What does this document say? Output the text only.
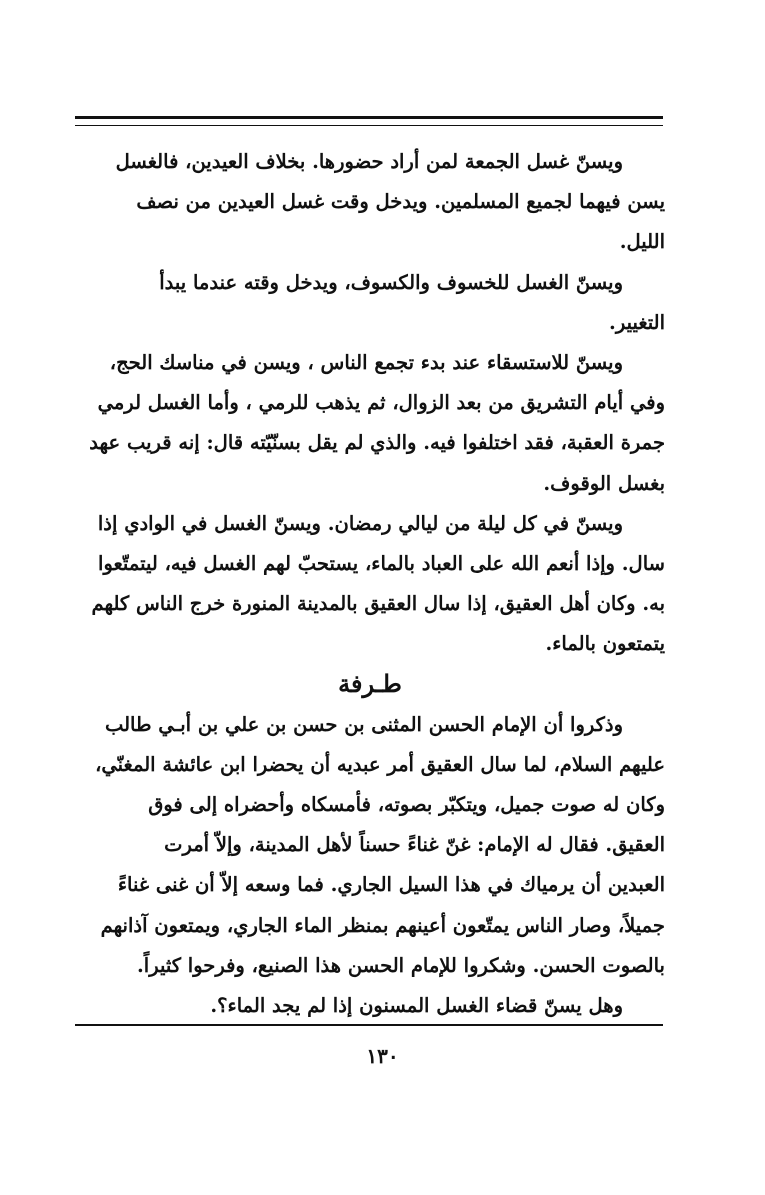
ويسنّ غسل الجمعة لمن أراد حضورها. بخلاف العيدين، فالغسل
يسن فيهما لجميع المسلمين. ويدخل وقت غسل العيدين من نصف
الليل.
ويسنّ الغسل للخسوف والكسوف، ويدخل وقته عندما يبدأ
التغيير.
ويسنّ للاستسقاء عند بدء تجمع الناس ، ويسن في مناسك الحج،
وفي أيام التشريق من بعد الزوال، ثم يذهب للرمي ، وأما الغسل لرمي
جمرة العقبة، فقد اختلفوا فيه. والذي لم يقل بسنّيّته قال: إنه قريب عهد
بغسل الوقوف.
ويسنّ في كل ليلة من ليالي رمضان. ويسنّ الغسل في الوادي إذا
سال. وإذا أنعم الله على العباد بالماء، يستحبّ لهم الغسل فيه، ليتمتّعوا
به. وكان أهل العقيق، إذا سال العقيق بالمدينة المنورة خرج الناس كلهم
يتمتعون بالماء.
طـرفة
وذكروا أن الإمام الحسن المثنى بن حسن بن علي بن أبـي طالب
عليهم السلام، لما سال العقيق أمر عبديه أن يحضرا ابن عائشة المغنّي،
وكان له صوت جميل، ويتكبّر بصوته، فأمسكاه وأحضراه إلى فوق
العقيق. فقال له الإمام: غنّ غناءً حسناً لأهل المدينة، وإلاّ أمرت
العبدين أن يرمياك في هذا السيل الجاري. فما وسعه إلاّ أن غنى غناءً
جميلاً، وصار الناس يمتّعون أعينهم بمنظر الماء الجاري، ويمتعون آذانهم
بالصوت الحسن. وشكروا للإمام الحسن هذا الصنيع، وفرحوا كثيراً.
وهل يسنّ قضاء الغسل المسنون إذا لم يجد الماء؟.
١٣٠
